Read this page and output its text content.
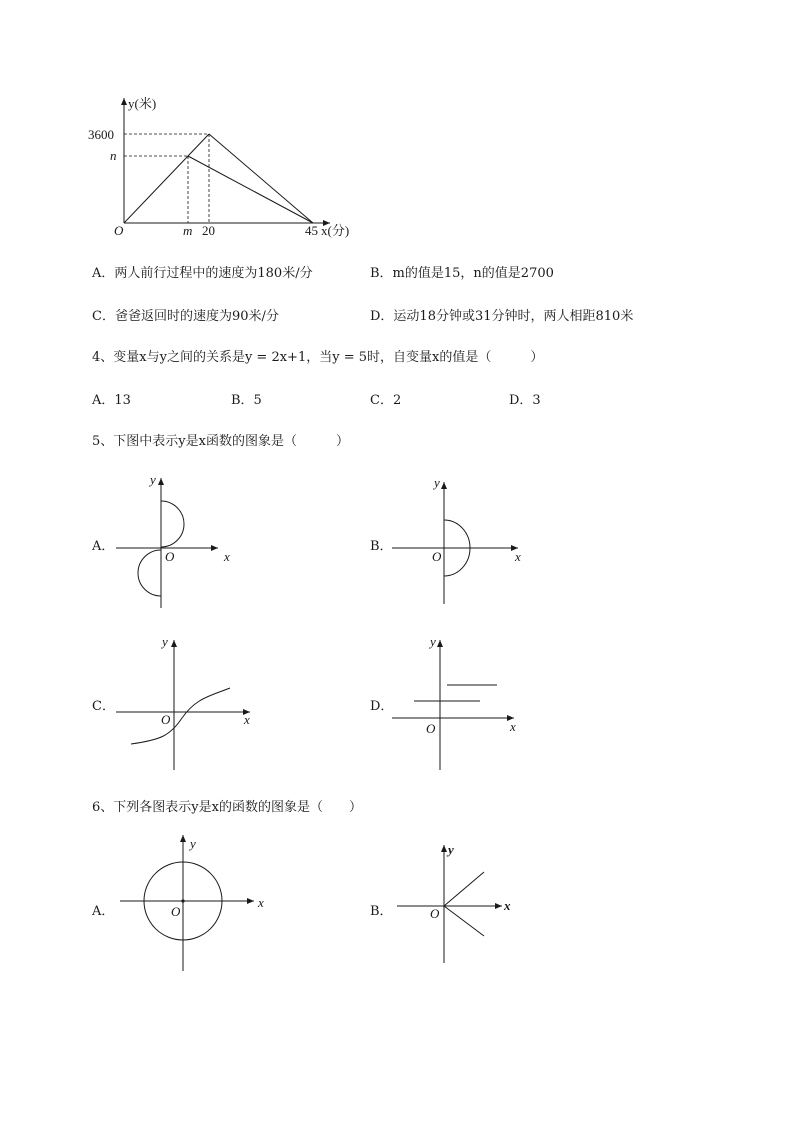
y(米)
3600
n
O	m 20	45 x(分)
A．两人前行过程中的速度为180米/分	B．m的值是15，n的值是2700
C．爸爸返回时的速度为90米/分	D．运动18分钟或31分钟时，两人相距810米
4、变量x与y之间的关系是y = 2x+1，当y = 5时，自变量x的值是（　　　）
A．13	B．5	C．2	D．3
5、下图中表示y是x函数的图象是（　　　）
A．	B．
C．	D．
y
O	x
y
O	x
y
O	x
y
O	x
6、下列各图表示y是x的函数的图象是（　　）
A．	B．
y
O
x
y
O
x
